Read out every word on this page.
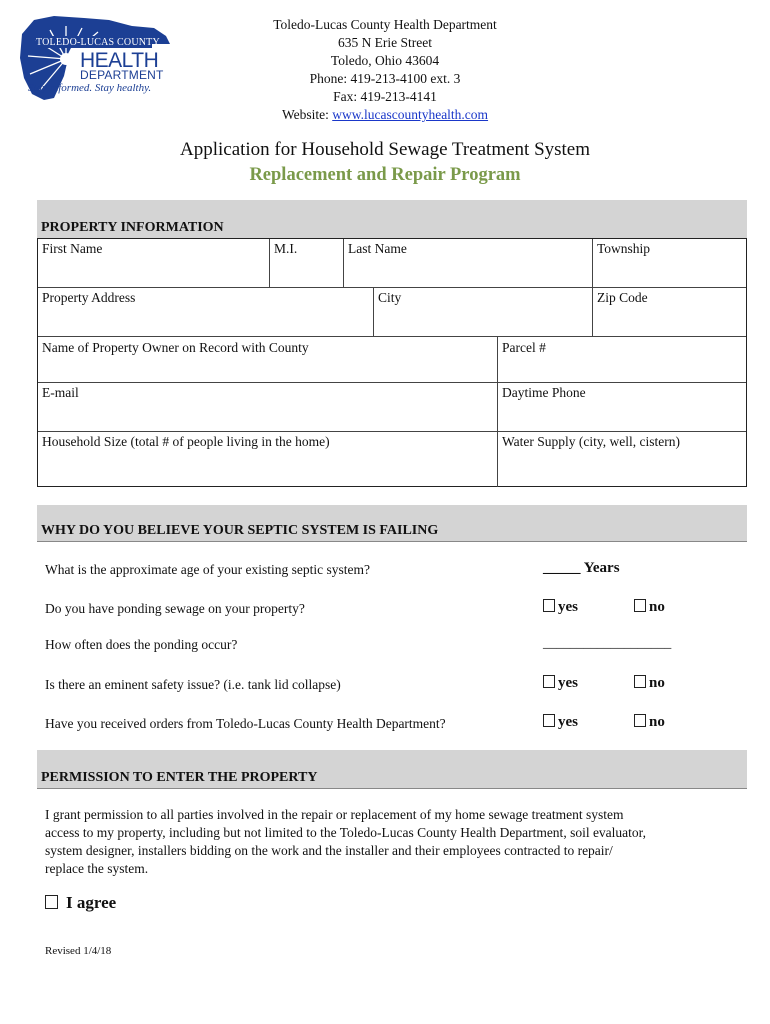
TOLEDO-LUCAS COUNTY
HEALTH
DEPARTMENT
Stay informed. Stay healthy.
Toledo-Lucas County Health Department
635 N Erie Street
Toledo, Ohio 43604
Phone: 419-213-4100 ext. 3
Fax: 419-213-4141
Website: www.lucascountyhealth.com
Application for Household Sewage Treatment System
Replacement and Repair Program
PROPERTY INFORMATION
First Name	M.I.	Last Name	Township
Property Address	City	Zip Code
Name of Property Owner on Record with County	Parcel #
E-mail	Daytime Phone
Household Size (total # of people living in the home)	Water Supply (city, well, cistern)
WHY DO YOU BELIEVE YOUR SEPTIC SYSTEM IS FAILING
What is the approximate age of your existing septic system?	_____ Years
Do you have ponding sewage on your property?	yes	no
How often does the ponding occur?	___________________
Is there an eminent safety issue? (i.e. tank lid collapse)	yes	no
Have you received orders from Toledo-Lucas County Health Department?	yes	no
PERMISSION TO ENTER THE PROPERTY
I grant permission to all parties involved in the repair or replacement of my home sewage treatment system
access to my property, including but not limited to the Toledo-Lucas County Health Department, soil evaluator,
system designer, installers bidding on the work and the installer and their employees contracted to repair/
replace the system.
I agree
Revised 1/4/18
